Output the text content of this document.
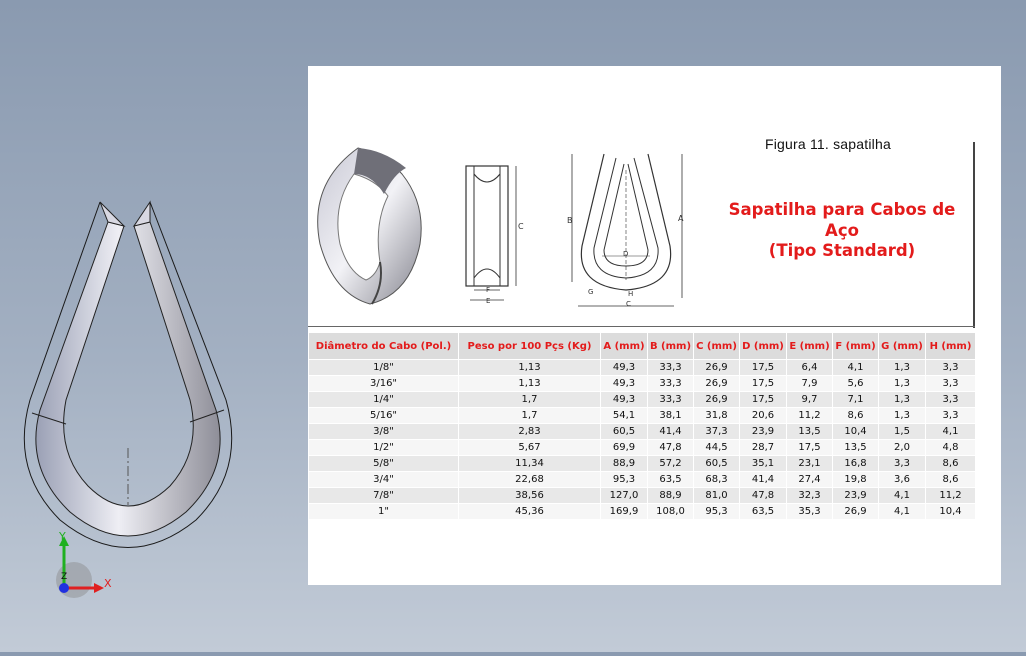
Y
X
Z
C
F
E
B	A
D
G	H
C
Figura 11. sapatilha
Sapatilha para Cabos de
Aço
(Tipo Standard)
Diâmetro do Cabo (Pol.)	Peso por 100 Pçs (Kg)	A (mm)	B (mm)	C (mm)	D (mm)	E (mm)	F (mm)	G (mm)	H (mm)
1/8"	1,13	49,3	33,3	26,9	17,5	6,4	4,1	1,3	3,3
3/16"	1,13	49,3	33,3	26,9	17,5	7,9	5,6	1,3	3,3
1/4"	1,7	49,3	33,3	26,9	17,5	9,7	7,1	1,3	3,3
5/16"	1,7	54,1	38,1	31,8	20,6	11,2	8,6	1,3	3,3
3/8"	2,83	60,5	41,4	37,3	23,9	13,5	10,4	1,5	4,1
1/2"	5,67	69,9	47,8	44,5	28,7	17,5	13,5	2,0	4,8
5/8"	11,34	88,9	57,2	60,5	35,1	23,1	16,8	3,3	8,6
3/4"	22,68	95,3	63,5	68,3	41,4	27,4	19,8	3,6	8,6
7/8"	38,56	127,0	88,9	81,0	47,8	32,3	23,9	4,1	11,2
1"	45,36	169,9	108,0	95,3	63,5	35,3	26,9	4,1	10,4
